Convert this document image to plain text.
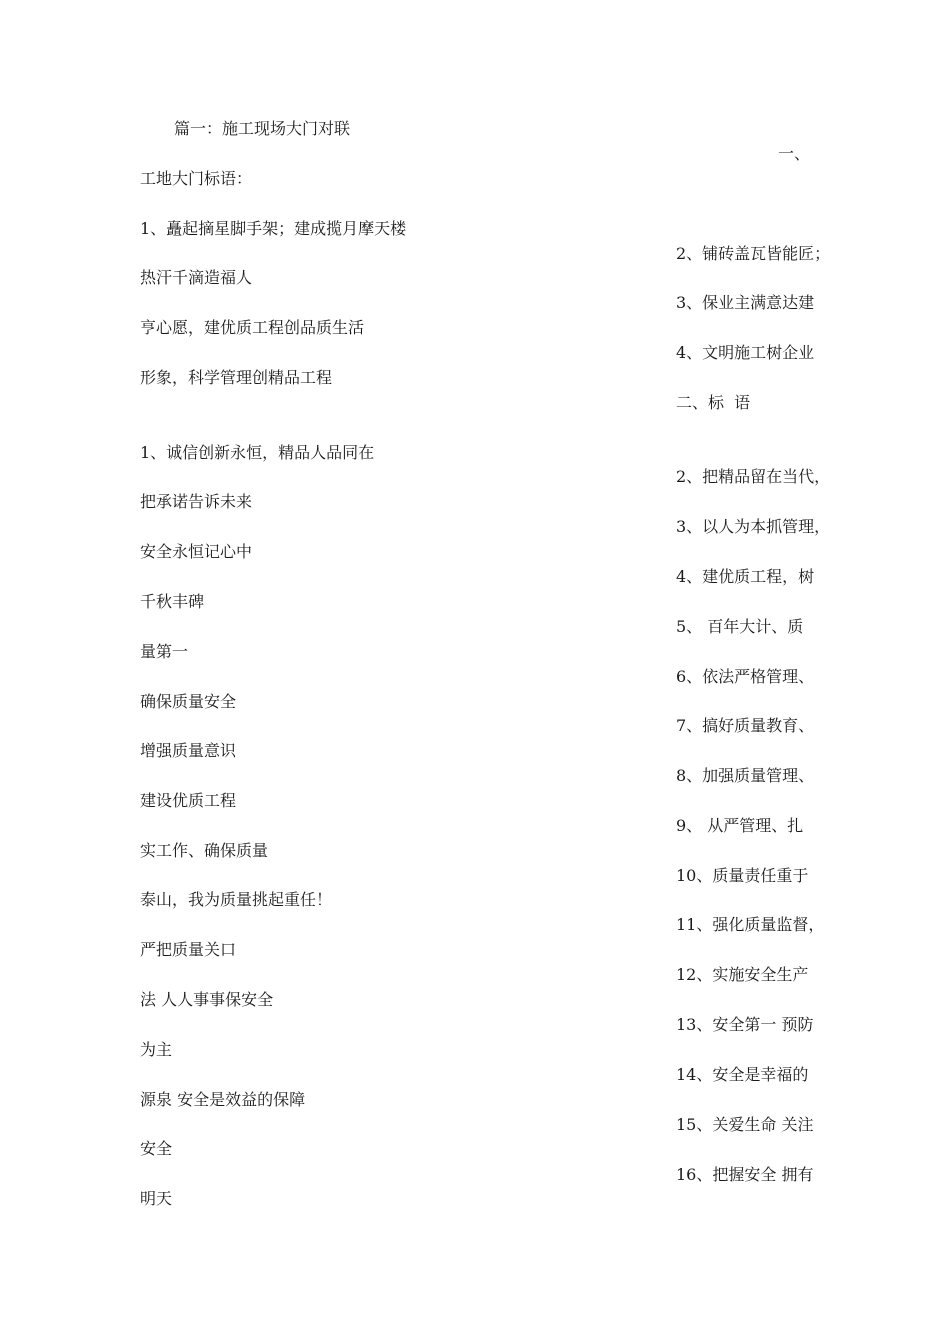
篇一：施工现场大门对联
工地大门标语：
1、矗起摘星脚手架；建成揽月摩天楼
热汗千滴造福人
亨心愿，建优质工程创品质生活
形象，科学管理创精品工程
1、诚信创新永恒，精品人品同在
把承诺告诉未来
安全永恒记心中
千秋丰碑
量第一
确保质量安全
增强质量意识
建设优质工程
实工作、确保质量
泰山，我为质量挑起重任！
严把质量关口
法 人人事事保安全
为主
源泉 安全是效益的保障
安全
明天
一、
2、铺砖盖瓦皆能匠；
3、保业主满意达建
4、文明施工树企业
二、标  语
2、把精品留在当代，
3、以人为本抓管理，
4、建优质工程，树
5、 百年大计、质
6、依法严格管理、
7、搞好质量教育、
8、加强质量管理、
9、 从严管理、扎
10、质量责任重于
11、强化质量监督，
12、实施安全生产
13、安全第一 预防
14、安全是幸福的
15、关爱生命 关注
16、把握安全 拥有
